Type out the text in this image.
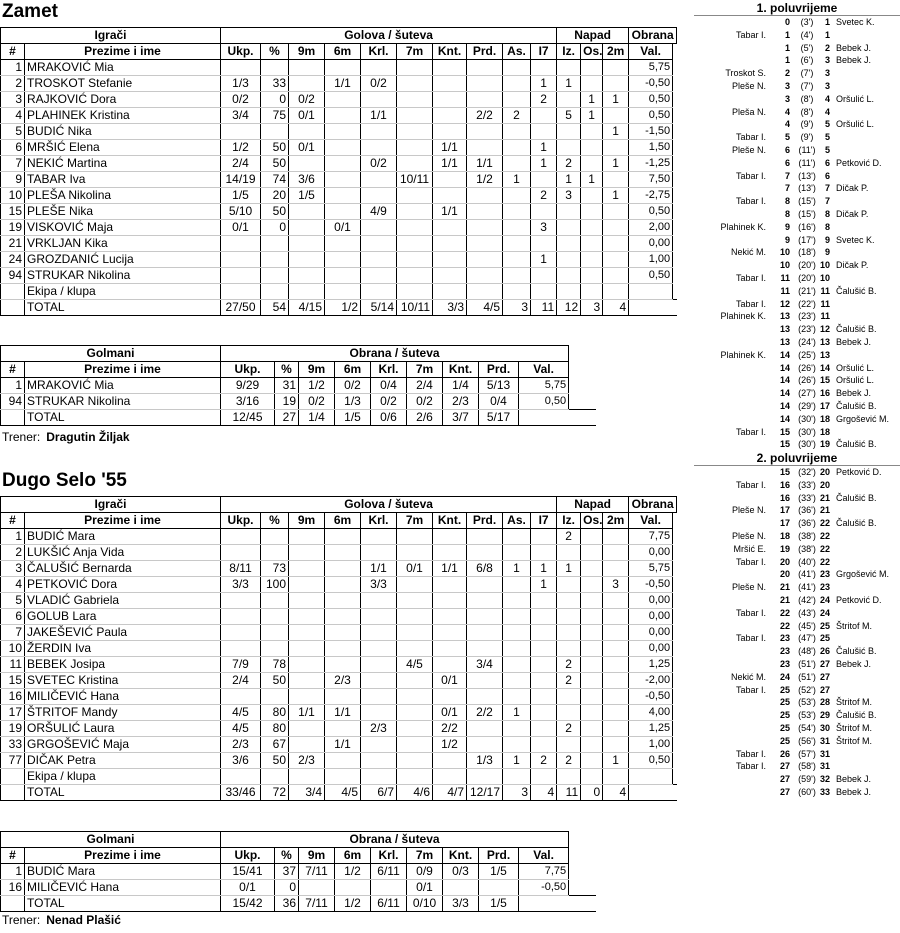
Zamet
Igrači		Golova / šuteva										Napad			Obrana		
#	Prezime i ime	Ukp.	%	9m	6m	Krl.	7m	Knt.	Prd.	As.	I7	Iz.	Os.	2m	Val.		
1	MRAKOVIĆ Mia														5,75		
2	TROSKOT Stefanie	1/3	33		1/1	0/2					1	1			-0,50		
3	RAJKOVIĆ Dora	0/2	0	0/2							2		1	1	0,50		
4	PLAHINEK Kristina	3/4	75	0/1		1/1			2/2	2		5	1		0,50		
5	BUDIĆ Nika													1	-1,50		
6	MRŠIĆ Elena	1/2	50	0/1				1/1			1				1,50		
7	NEKIĆ Martina	2/4	50			0/2		1/1	1/1		1	2		1	-1,25		
9	TABAR Iva	14/19	74	3/6			10/11		1/2	1		1	1		7,50		
10	PLEŠA Nikolina	1/5	20	1/5							2	3		1	-2,75		
15	PLEŠE Nika	5/10	50			4/9		1/1							0,50		
19	VISKOVIĆ Maja	0/1	0		0/1						3				2,00		
21	VRKLJAN Kika														0,00		
24	GROZDANIĆ Lucija										1				1,00		
94	STRUKAR Nikolina														0,50		
	Ekipa / klupa																
	TOTAL	27/50	54	4/15	1/2	5/14	10/11	3/3	4/5	3	11	12	3	4			
Golmani		Obrana / šuteva									
#	Prezime i ime	Ukp.	%	9m	6m	Krl.	7m	Knt.	Prd.	Val.	
1	MRAKOVIĆ Mia	9/29	31	1/2	0/2	0/4	2/4	1/4	5/13	5,75	
94	STRUKAR Nikolina	3/16	19	0/2	1/3	0/2	0/2	2/3	0/4	0,50	
	TOTAL	12/45	27	1/4	1/5	0/6	2/6	3/7	5/17		
Trener: Dragutin Žiljak
Dugo Selo '55
Igrači		Golova / šuteva										Napad			Obrana		
#	Prezime i ime	Ukp.	%	9m	6m	Krl.	7m	Knt.	Prd.	As.	I7	Iz.	Os.	2m	Val.		
1	BUDIĆ Mara											2			7,75		
2	LUKŠIĆ Anja Vida														0,00		
3	ČALUŠIĆ Bernarda	8/11	73			1/1	0/1	1/1	6/8	1	1	1			5,75		
4	PETKOVIĆ Dora	3/3	100			3/3					1			3	-0,50		
5	VLADIĆ Gabriela														0,00		
6	GOLUB Lara														0,00		
7	JAKEŠEVIĆ Paula														0,00		
10	ŽERDIN Iva														0,00		
11	BEBEK Josipa	7/9	78				4/5		3/4			2			1,25		
15	SVETEC Kristina	2/4	50		2/3			0/1				2			-2,00		
16	MILIČEVIĆ Hana														-0,50		
17	ŠTRITOF Mandy	4/5	80	1/1	1/1			0/1	2/2	1					4,00		
19	ORŠULIĆ Laura	4/5	80			2/3		2/2				2			1,25		
33	GRGOŠEVIĆ Maja	2/3	67		1/1			1/2							1,00		
77	DIČAK Petra	3/6	50	2/3					1/3	1	2	2		1	0,50		
	Ekipa / klupa																
	TOTAL	33/46	72	3/4	4/5	6/7	4/6	4/7	12/17	3	4	11	0	4			
Golmani		Obrana / šuteva									
#	Prezime i ime	Ukp.	%	9m	6m	Krl.	7m	Knt.	Prd.	Val.	
1	BUDIĆ Mara	15/41	37	7/11	1/2	6/11	0/9	0/3	1/5	7,75	
16	MILIČEVIĆ Hana	0/1	0				0/1			-0,50	
	TOTAL	15/42	36	7/11	1/2	6/11	0/10	3/3	1/5		
Trener: Nenad Plašić
1. poluvrijeme
0	(3')	1 Svetec K.
Tabar I.	1	(4')	1
1	(5')	2 Bebek J.
1	(6')	3 Bebek J.
Troskot S.	2	(7')	3
Pleše N.	3	(7')	3
3	(8')	4 Oršulić L.
Pleša N.	4	(8')	4
4	(9')	5 Oršulić L.
Tabar I.	5	(9')	5
Pleše N.	6 (11')	5
6 (11')	6 Petković D.
Tabar I.	7 (13')	6
7 (13')	7 Dičak P.
Tabar I.	8 (15')	7
8 (15')	8 Dičak P.
Plahinek K.	9 (16')	8
9 (17')	9 Svetec K.
Nekić M. 10 (18')	9
10 (20') 10 Dičak P.
Tabar I. 11 (20') 10
11 (21') 11 Čalušić B.
Tabar I. 12 (22') 11
Plahinek K. 13 (23') 11
13 (23') 12 Čalušić B.
13 (24') 13 Bebek J.
Plahinek K. 14 (25') 13
14 (26') 14 Oršulić L.
14 (26') 15 Oršulić L.
14 (27') 16 Bebek J.
14 (29') 17 Čalušić B.
14 (30') 18 Grgošević M.
Tabar I. 15 (30') 18
15 (30') 19 Čalušić B.
2. poluvrijeme
15 (32') 20 Petković D.
Tabar I. 16 (33') 20
16 (33') 21 Čalušić B.
Pleše N. 17 (36') 21
17 (36') 22 Čalušić B.
Pleše N. 18 (38') 22
Mršić E. 19 (38') 22
Tabar I. 20 (40') 22
20 (41') 23 Grgošević M.
Pleše N. 21 (41') 23
21 (42') 24 Petković D.
Tabar I. 22 (43') 24
22 (45') 25 Štritof M.
Tabar I. 23 (47') 25
23 (48') 26 Čalušić B.
23 (51') 27 Bebek J.
Nekić M. 24 (51') 27
Tabar I. 25 (52') 27
25 (53') 28 Štritof M.
25 (53') 29 Čalušić B.
25 (54') 30 Štritof M.
25 (56') 31 Štritof M.
Tabar I. 26 (57') 31
Tabar I. 27 (58') 31
27 (59') 32 Bebek J.
27 (60') 33 Bebek J.
